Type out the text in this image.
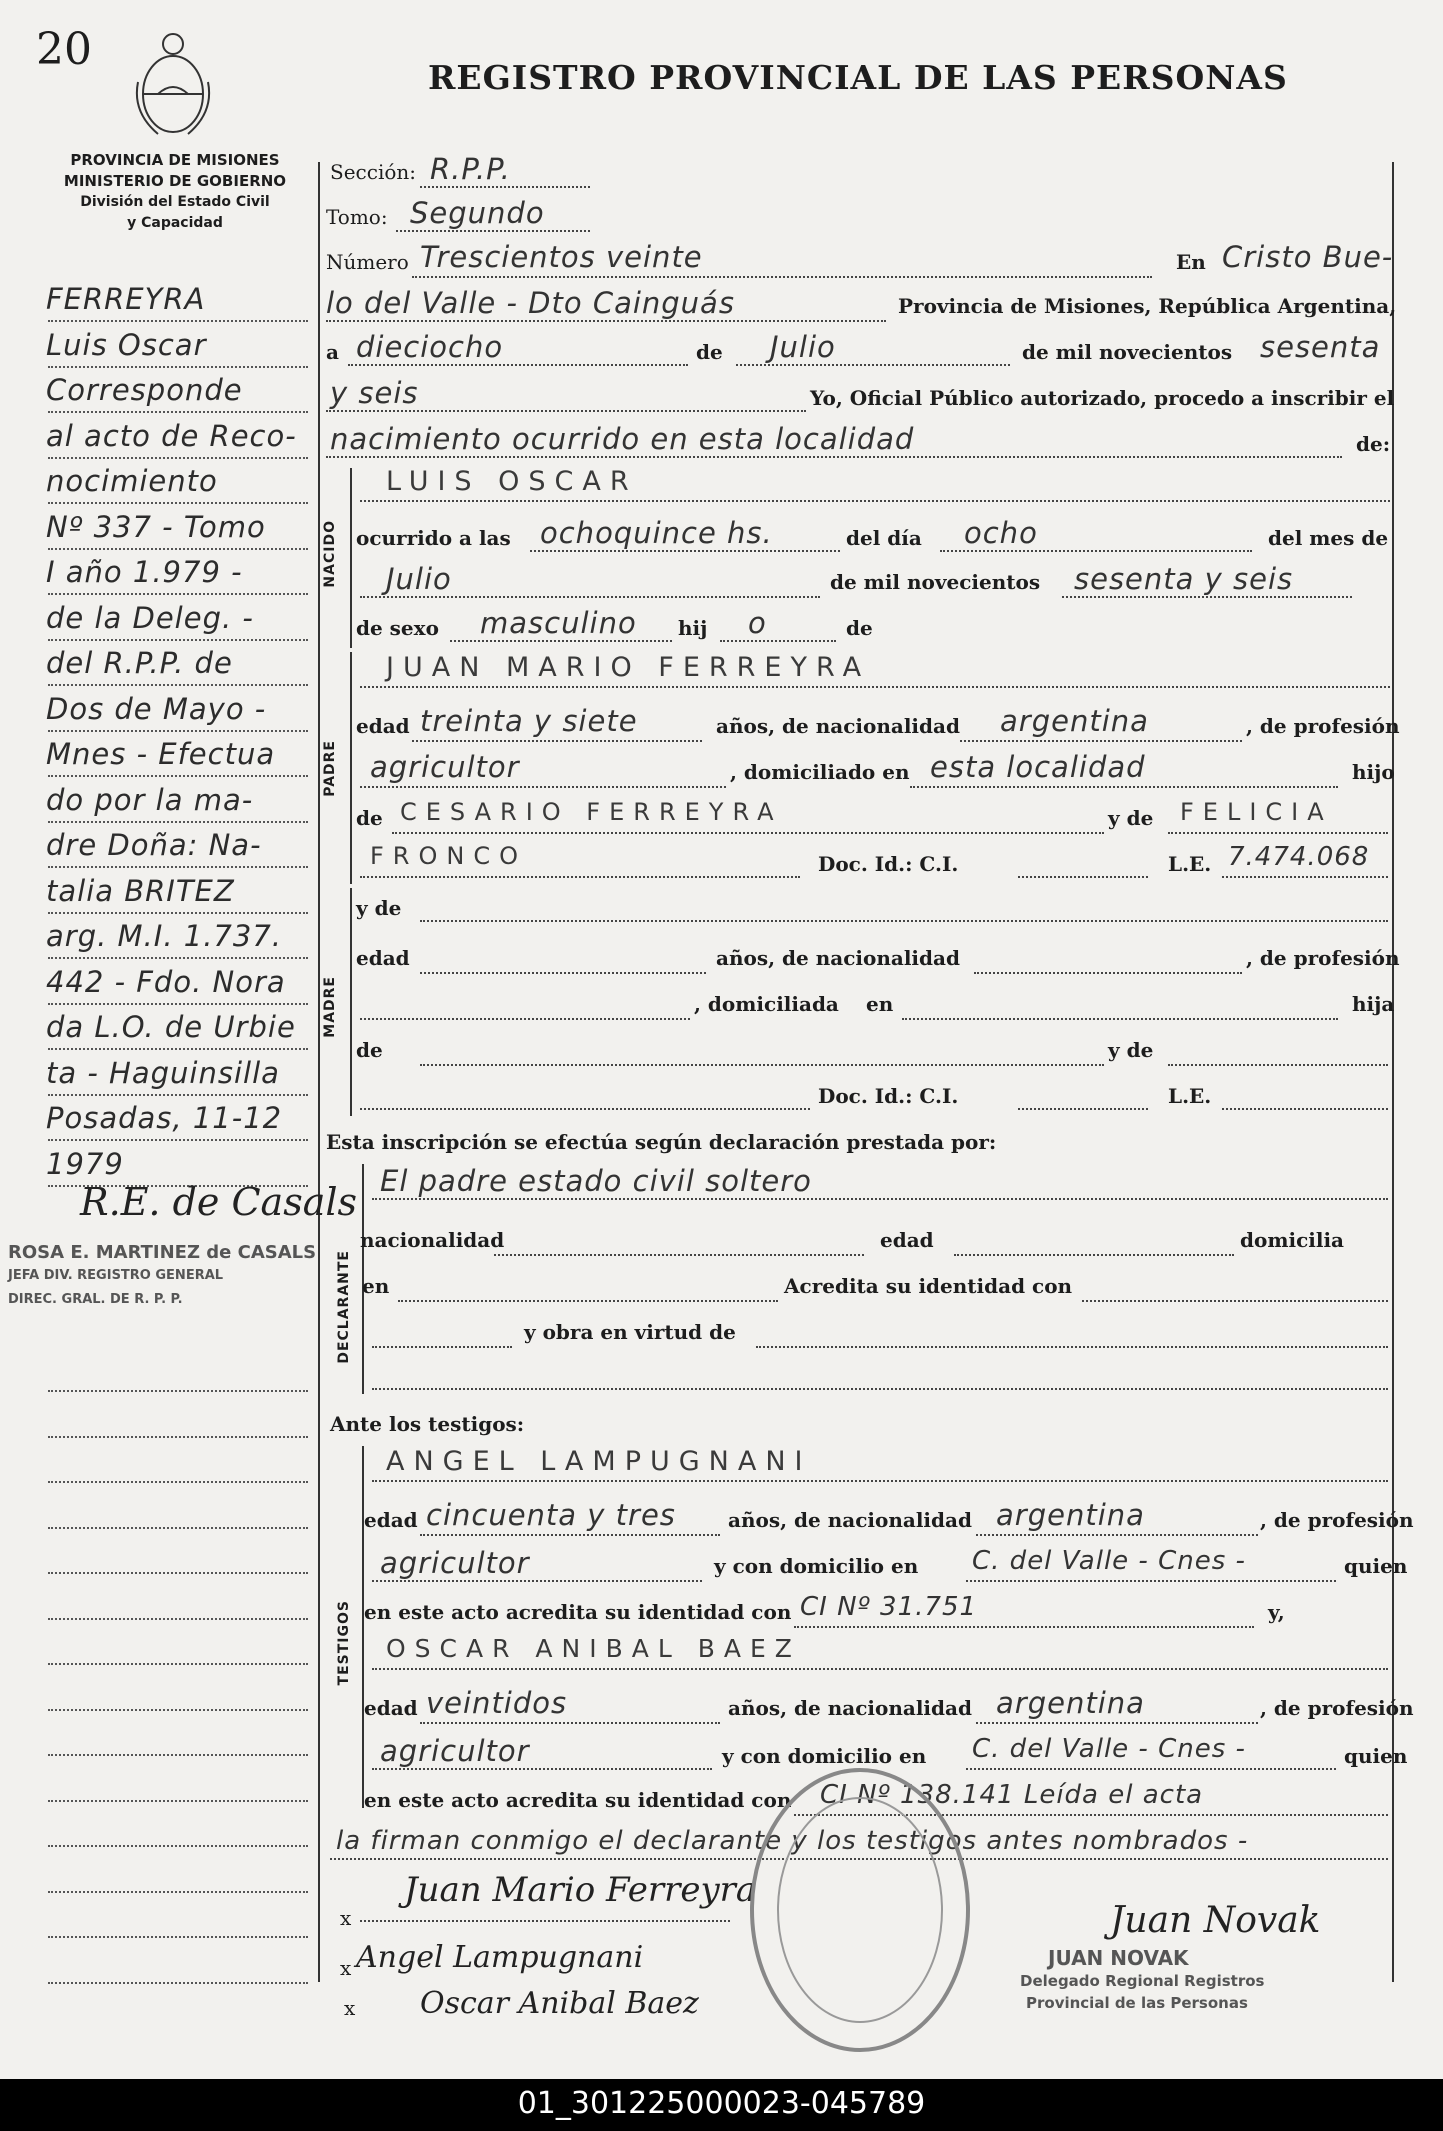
20
REGISTRO PROVINCIAL DE LAS PERSONAS
PROVINCIA DE MISIONES
MINISTERIO DE GOBIERNO
División del Estado Civil
y Capacidad
Sección: R.P.P.
Tomo: Segundo
Número Trescientos veinte	En Cristo Bue-
lo del Valle - Dto Cainguás	Provincia de Misiones, República Argentina,
a dieciocho	de Julio	de mil novecientos sesenta
y seis	Yo, Oficial Público autorizado, procedo a inscribir el
nacimiento ocurrido en esta localidad	de:
NACIDO
LUIS OSCAR
ocurrido a las ochoquince hs.	del día ocho	del mes de
Julio	de mil novecientos sesenta y seis
de sexo masculino hij o	de
PADRE
JUAN MARIO FERREYRA
edad treinta y siete	años, de nacionalidad argentina	, de profesión
agricultor	, domiciliado en esta localidad	hijo
de CESARIO FERREYRA	y de FELICIA
FRONCO	Doc. Id.: C.I.	L.E. 7.474.068
MADRE
y de
edad	años, de nacionalidad	, de profesión
, domiciliada en	hija
de	y de
Doc. Id.: C.I.	L.E.
Esta inscripción se efectúa según declaración prestada por:
DECLARANTE
El padre estado civil soltero
nacionalidad	edad	domicilia
en	Acredita su identidad con
y obra en virtud de
Ante los testigos:
TESTIGOS
ANGEL LAMPUGNANI
edad cincuenta y tres	años, de nacionalidad argentina	, de profesión
agricultor	y con domicilio en C. del Valle - Cnes -	quien
en este acto acredita su identidad con CI Nº 31.751	y,
OSCAR ANIBAL BAEZ
edad veintidos	años, de nacionalidad argentina	, de profesión
agricultor	y con domicilio en C. del Valle - Cnes -	quien
en este acto acredita su identidad con CI Nº 138.141 Leída el acta
la firman conmigo el declarante y los testigos antes nombrados -
Juan Mario Ferreyra
x
Angel Lampugnani
x
Oscar Anibal Baez
x
Juan Novak
JUAN NOVAK
Delegado Regional Registros
Provincial de las Personas
FERREYRA
Luis Oscar
Corresponde
al acto de Reco-
nocimiento
Nº 337 - Tomo
I año 1.979 -
de la Deleg. -
del R.P.P. de
Dos de Mayo -
Mnes - Efectua
do por la ma-
dre Doña: Na-
talia BRITEZ
arg. M.I. 1.737.
442 - Fdo. Nora
da L.O. de Urbie
ta - Haguinsilla
Posadas, 11-12
1979
R.E. de Casals
ROSA E. MARTINEZ de CASALS
JEFA DIV. REGISTRO GENERAL
DIREC. GRAL. DE R. P. P.
01_301225000023-045789
